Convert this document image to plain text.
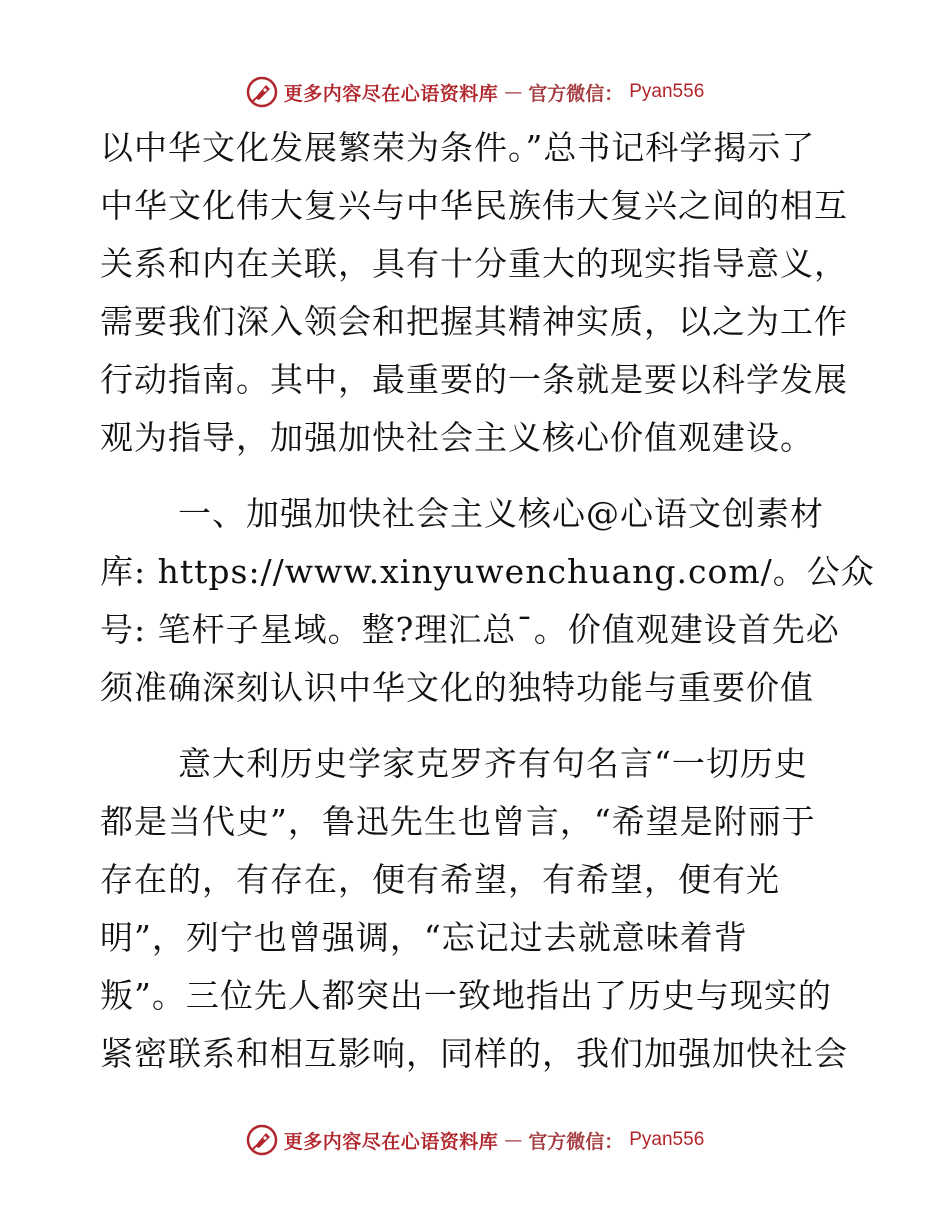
更多内容尽在心语资料库 — 官方微信： Pyan556
以中华文化发展繁荣为条件。”总书记科学揭示了
中华文化伟大复兴与中华民族伟大复兴之间的相互
关系和内在关联，具有十分重大的现实指导意义，
需要我们深入领会和把握其精神实质，以之为工作
行动指南。其中，最重要的一条就是要以科学发展
观为指导，加强加快社会主义核心价值观建设。
一、加强加快社会主义核心@心语文创素材
库: https://www.xinyuwenchuang.com/。公众
号: 笔杆子星域。整?理汇总¯。价值观建设首先必
须准确深刻认识中华文化的独特功能与重要价值
意大利历史学家克罗齐有句名言“一切历史
都是当代史”，鲁迅先生也曾言，“希望是附丽于
存在的，有存在，便有希望，有希望，便有光
明”，列宁也曾强调，“忘记过去就意味着背
叛”。三位先人都突出一致地指出了历史与现实的
紧密联系和相互影响，同样的，我们加强加快社会
更多内容尽在心语资料库 — 官方微信： Pyan556
